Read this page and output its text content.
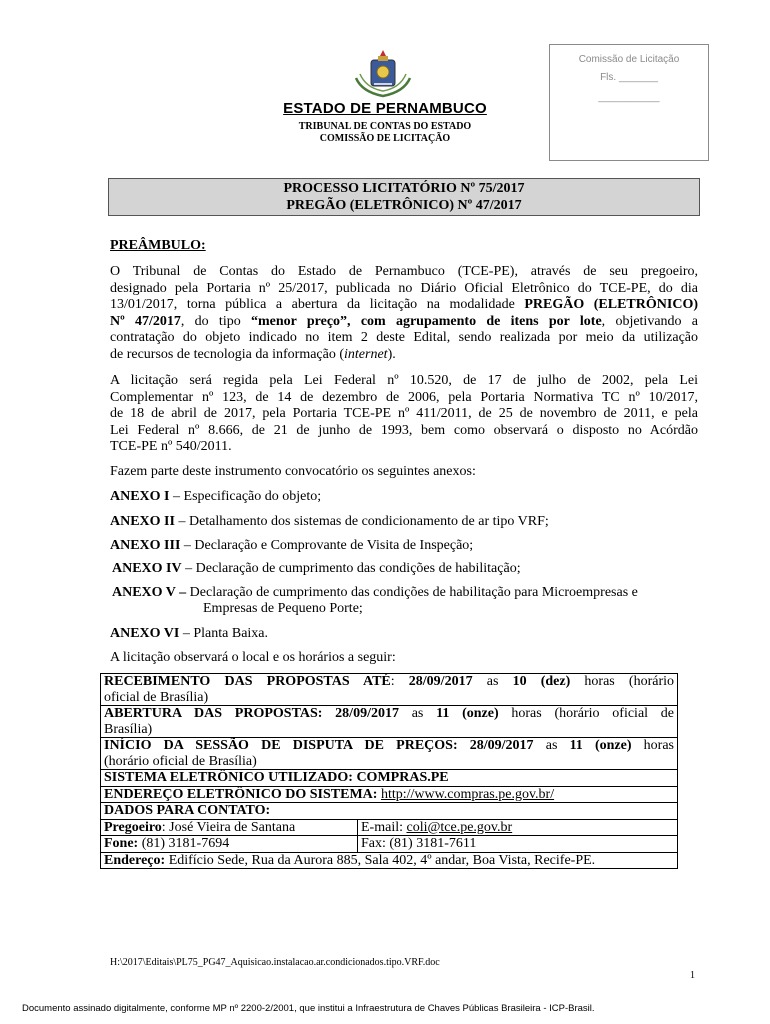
ESTADO DE PERNAMBUCO
TRIBUNAL DE CONTAS DO ESTADO
COMISSÃO DE LICITAÇÃO
Comissão de Licitação
Fls. _______
___________
PROCESSO LICITATÓRIO Nº 75/2017
PREGÃO (ELETRÔNICO) Nº 47/2017
PREÂMBULO:
O Tribunal de Contas do Estado de Pernambuco (TCE-PE), através de seu pregoeiro,
designado pela Portaria nº 25/2017, publicada no Diário Oficial Eletrônico do TCE-PE, do dia
13/01/2017, torna pública a abertura da licitação na modalidade PREGÃO (ELETRÔNICO)
Nº 47/2017, do tipo “menor preço”, com agrupamento de itens por lote, objetivando a
contratação do objeto indicado no item 2 deste Edital, sendo realizada por meio da utilização
de recursos de tecnologia da informação (internet).
A licitação será regida pela Lei Federal nº 10.520, de 17 de julho de 2002, pela Lei
Complementar nº 123, de 14 de dezembro de 2006, pela Portaria Normativa TC nº 10/2017,
de 18 de abril de 2017, pela Portaria TCE-PE nº 411/2011, de 25 de novembro de 2011, e pela
Lei Federal nº 8.666, de 21 de junho de 1993, bem como observará o disposto no Acórdão
TCE-PE nº 540/2011.
Fazem parte deste instrumento convocatório os seguintes anexos:
ANEXO I – Especificação do objeto;
ANEXO II – Detalhamento dos sistemas de condicionamento de ar tipo VRF;
ANEXO III – Declaração e Comprovante de Visita de Inspeção;
ANEXO IV – Declaração de cumprimento das condições de habilitação;
ANEXO V – Declaração de cumprimento das condições de habilitação para Microempresas e
Empresas de Pequeno Porte;
ANEXO VI – Planta Baixa.
A licitação observará o local e os horários a seguir:
RECEBIMENTO DAS PROPOSTAS ATÉ: 28/09/2017 as 10 (dez) horas (horário
oficial de Brasília)	

ABERTURA DAS PROPOSTAS: 28/09/2017 as 11 (onze) horas (horário oficial de
Brasília)	

INÍCIO DA SESSÃO DE DISPUTA DE PREÇOS: 28/09/2017 as 11 (onze) horas
(horário oficial de Brasília)	

SISTEMA ELETRÔNICO UTILIZADO: COMPRAS.PE	
ENDEREÇO ELETRÔNICO DO SISTEMA: http://www.compras.pe.gov.br/	
DADOS PARA CONTATO:	
Pregoeiro: José Vieira de Santana	E-mail: coli@tce.pe.gov.br
Fone: (81) 3181-7694	Fax: (81) 3181-7611
Endereço: Edifício Sede, Rua da Aurora 885, Sala 402, 4º andar, Boa Vista, Recife-PE.	
H:\2017\Editais\PL75_PG47_Aquisicao.instalacao.ar.condicionados.tipo.VRF.doc
1
Documento assinado digitalmente, conforme MP nº 2200-2/2001, que institui a Infraestrutura de Chaves Públicas Brasileira - ICP-Brasil.
